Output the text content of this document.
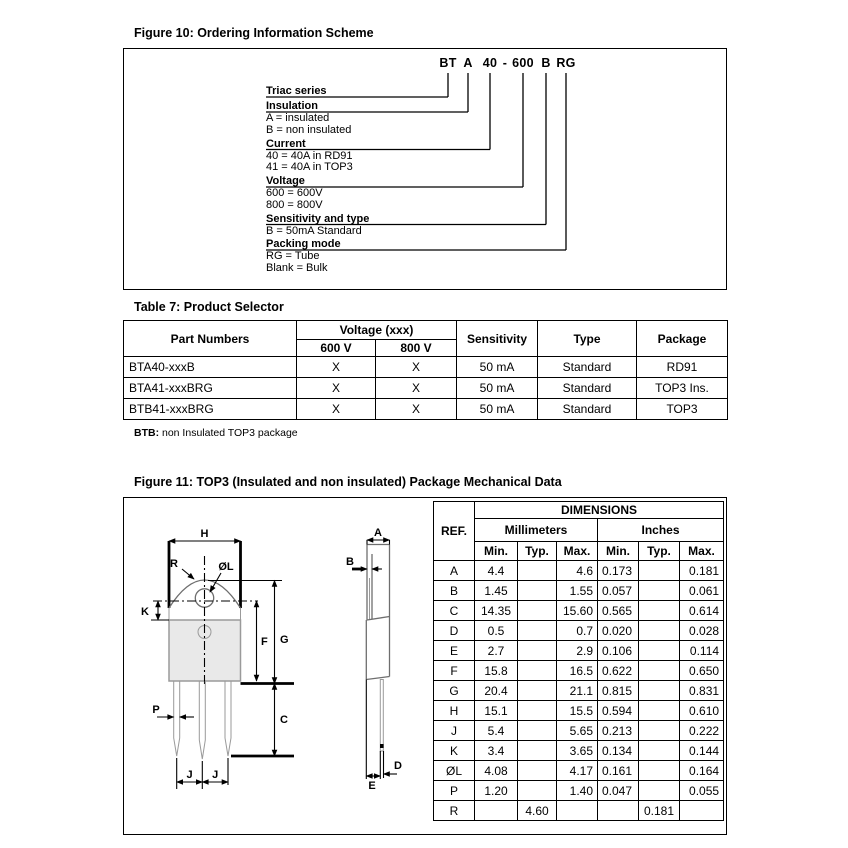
Figure 10: Ordering Information Scheme
BT A 40 - 600 B RG
Triac series
Insulation
A = insulated
B = non insulated
Current
40 = 40A in RD91
41 = 40A in TOP3
Voltage
600 = 600V
800 = 800V
Sensitivity and type
B = 50mA Standard
Packing mode
RG = Tube
Blank = Bulk
Table 7: Product Selector
Part Numbers	Voltage (xxx)		Sensitivity	Type	Package
	600 V	800 V			
BTA40-xxxB	X	X	50 mA	Standard	RD91
BTA41-xxxBRG	X	X	50 mA	Standard	TOP3 Ins.
BTB41-xxxBRG	X	X	50 mA	Standard	TOP3
BTB: non Insulated TOP3 package
Figure 11: TOP3 (Insulated and non insulated) Package Mechanical Data
H
R	ØL
K
F G
C
P
J J
A
B
D
E
REF.	DIMENSIONS					
	Millimeters			Inches		
	Min.	Typ.	Max.	Min.	Typ.	Max.
A	4.4		4.6	0.173		0.181
B	1.45		1.55	0.057		0.061
C	14.35		15.60	0.565		0.614
D	0.5		0.7	0.020		0.028
E	2.7		2.9	0.106		0.114
F	15.8		16.5	0.622		0.650
G	20.4		21.1	0.815		0.831
H	15.1		15.5	0.594		0.610
J	5.4		5.65	0.213		0.222
K	3.4		3.65	0.134		0.144
ØL	4.08		4.17	0.161		0.164
P	1.20		1.40	0.047		0.055
R		4.60			0.181	
